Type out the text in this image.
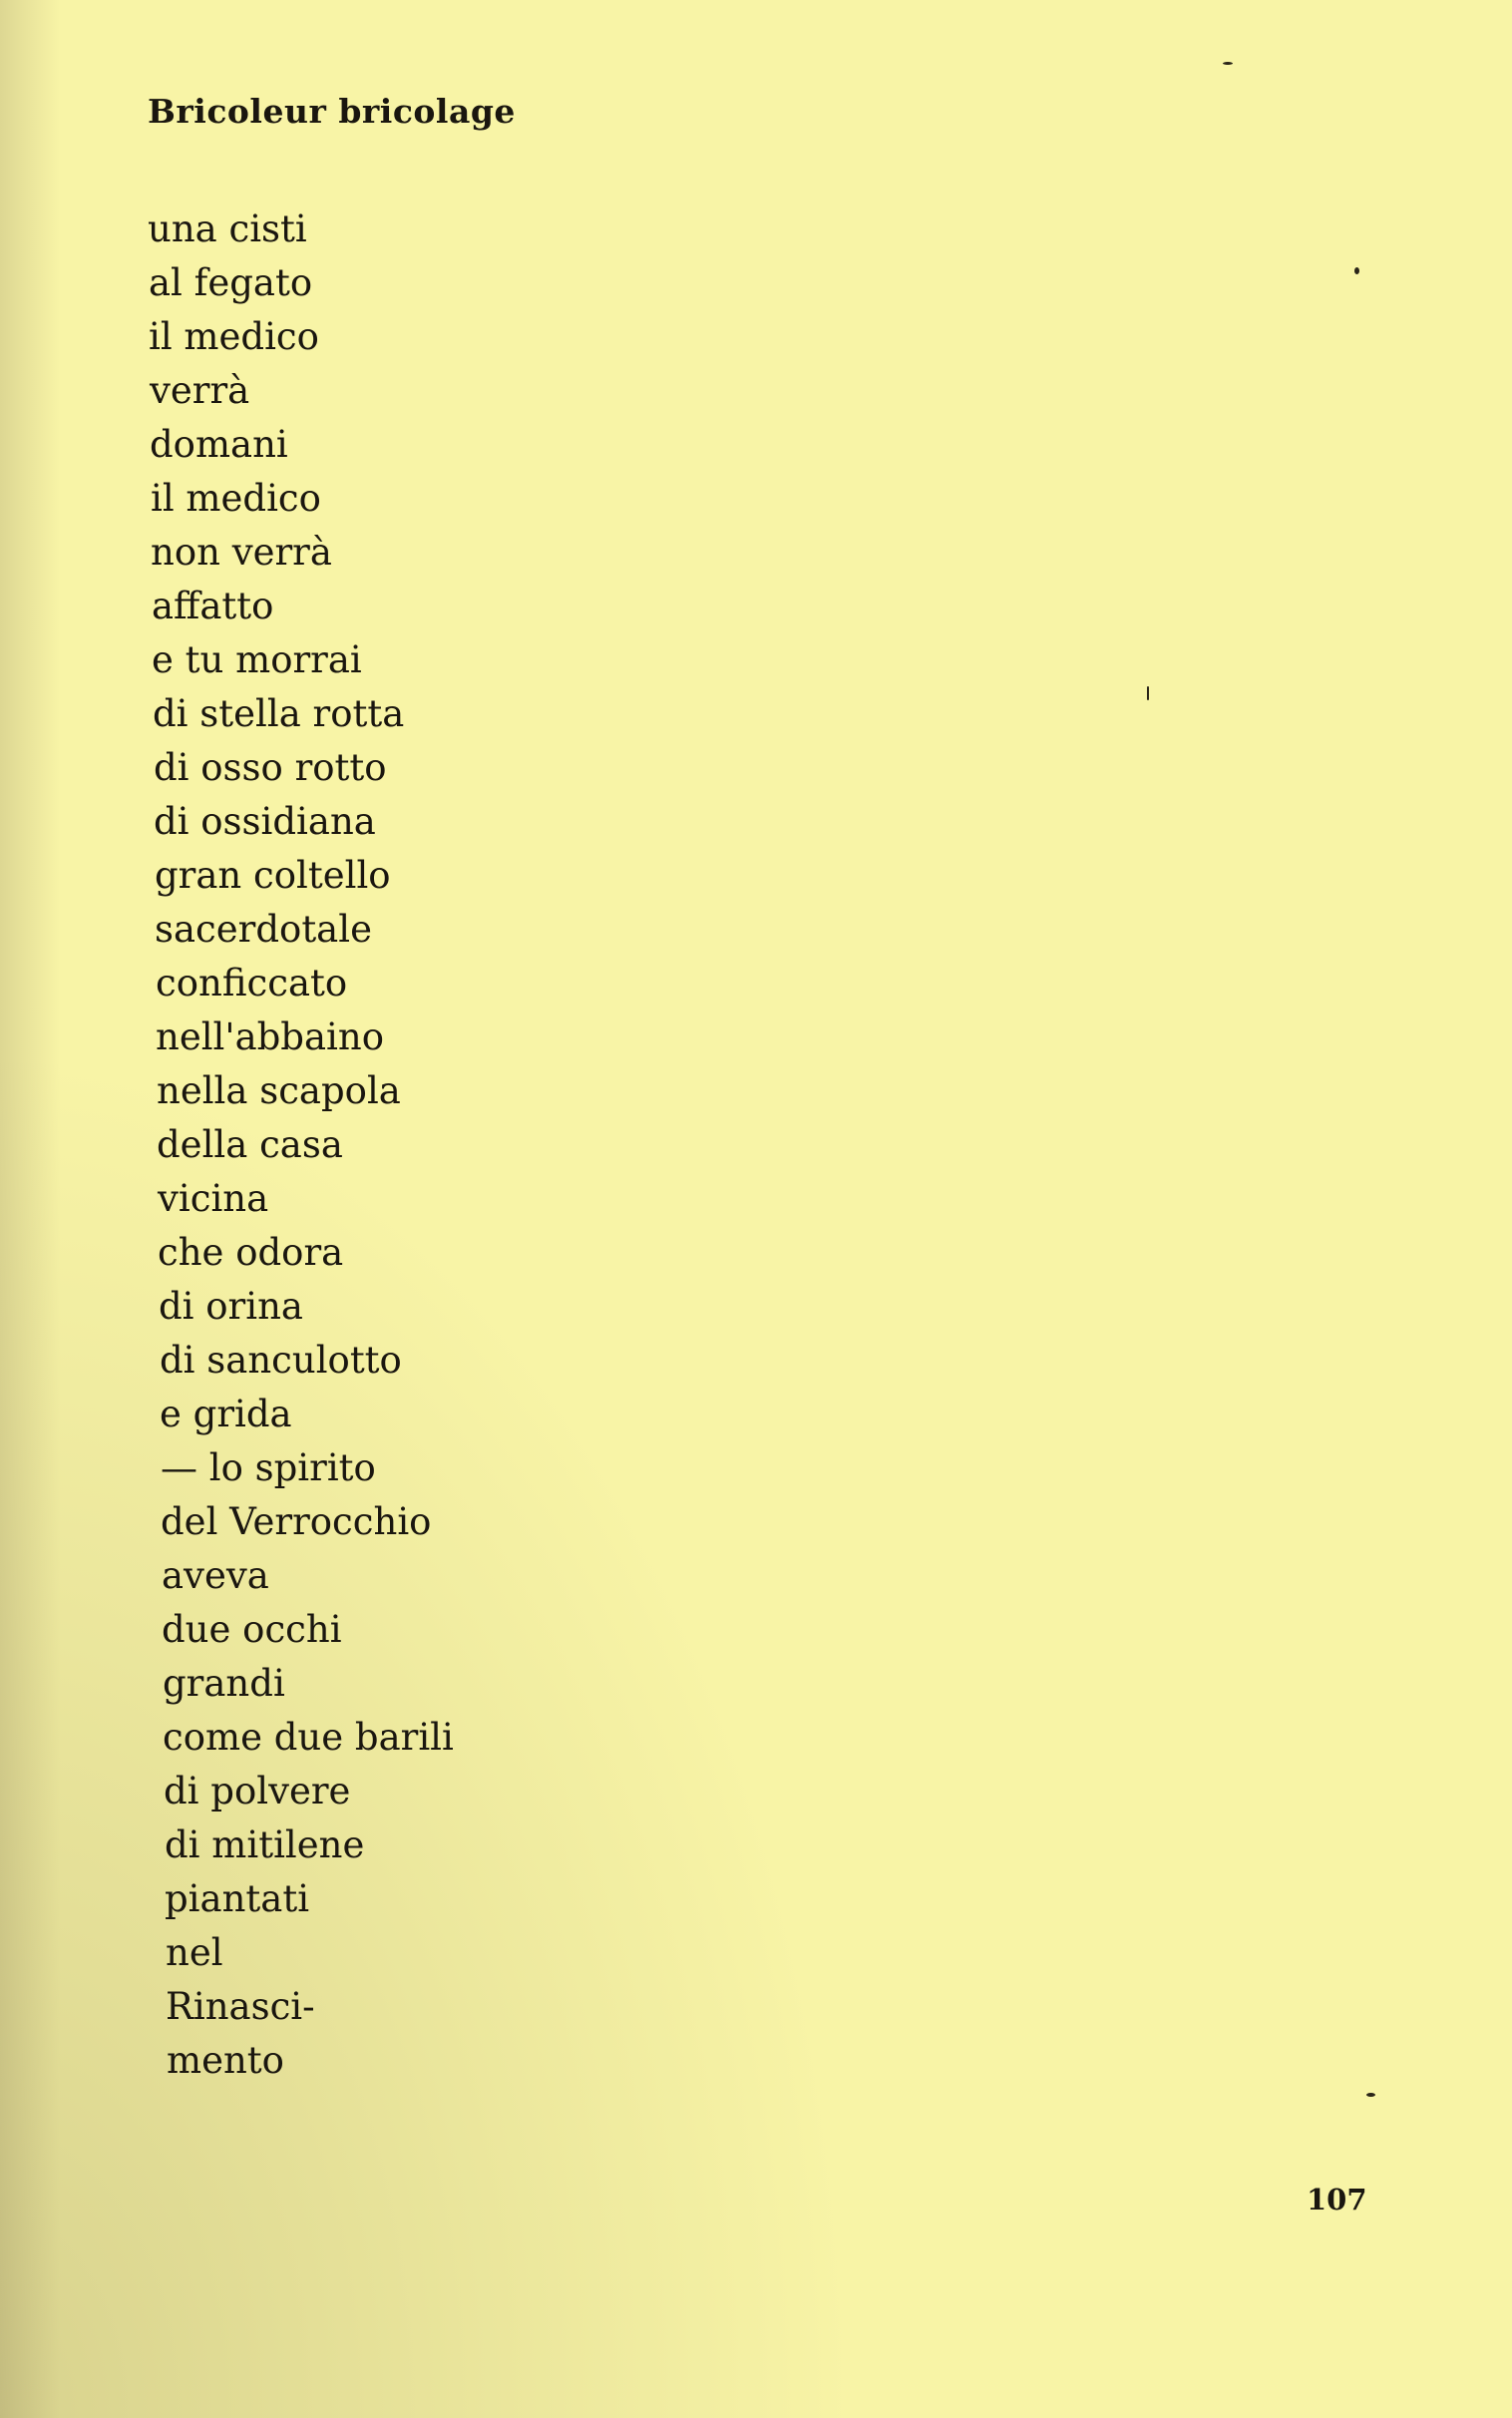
Bricoleur bricolage
una cisti
al fegato
il medico
verrà
domani
il medico
non verrà
affatto
e tu morrai
di stella rotta
di osso rotto
di ossidiana
gran coltello
sacerdotale
conficcato
nell'abbaino
nella scapola
della casa
vicina
che odora
di orina
di sanculotto
e grida
— lo spirito
del Verrocchio
aveva
due occhi
grandi
come due barili
di polvere
di mitilene
piantati
nel
Rinasci-
mento
107
